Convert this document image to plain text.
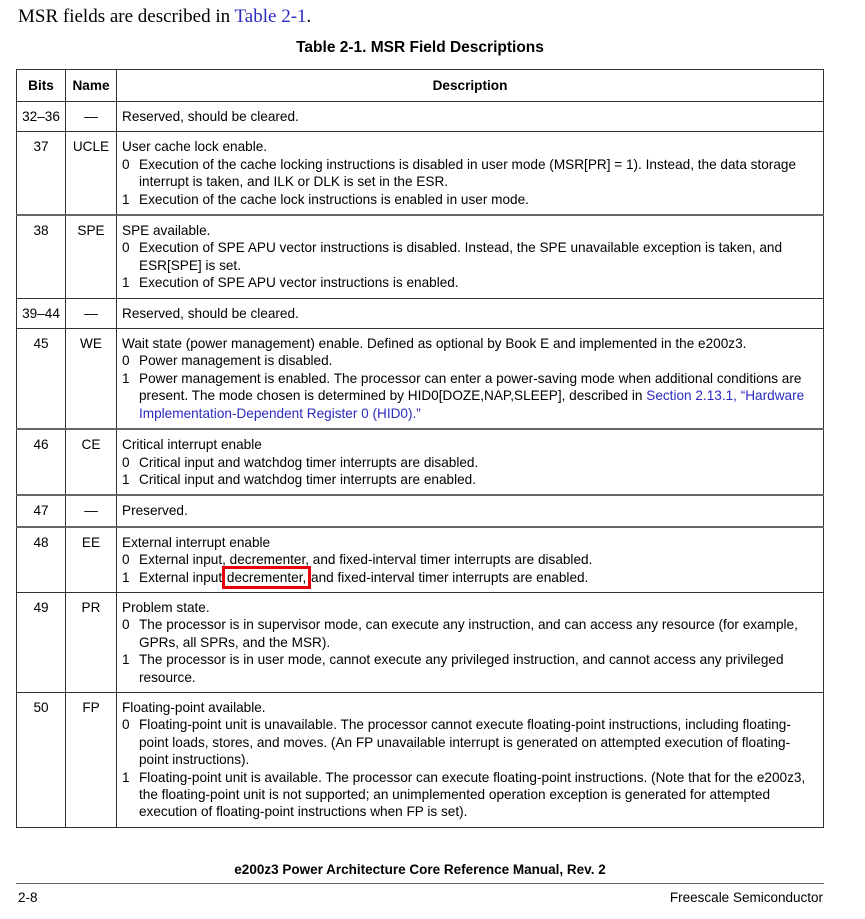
MSR fields are described in Table 2-1.
Table 2-1. MSR Field Descriptions
Bits	Name	Description
32–36	—	Reserved, should be cleared.

37	UCLE	User cache lock enable.
0 Execution of the cache locking instructions is disabled in user mode (MSR[PR] = 1). Instead, the data storage interrupt is taken, and ILK or DLK is set in the ESR.
1 Execution of the cache lock instructions is enabled in user mode.

38	SPE	SPE available.
0 Execution of SPE APU vector instructions is disabled. Instead, the SPE unavailable exception is taken, and ESR[SPE] is set.
1 Execution of SPE APU vector instructions is enabled.

39–44	—	Reserved, should be cleared.

45	WE	Wait state (power management) enable. Defined as optional by Book E and implemented in the e200z3.
0 Power management is disabled.
1 Power management is enabled. The processor can enter a power-saving mode when additional conditions are present. The mode chosen is determined by HID0[DOZE,NAP,SLEEP], described in Section 2.13.1, “Hardware Implementation-Dependent Register 0 (HID0).”

46	CE	Critical interrupt enable
0 Critical input and watchdog timer interrupts are disabled.
1 Critical input and watchdog timer interrupts are enabled.

47	—	Preserved.

48	EE	External interrupt enable
0 External input, decrementer, and fixed-interval timer interrupts are disabled.
1 External input decrementer, and fixed-interval timer interrupts are enabled.

49	PR	Problem state.
0 The processor is in supervisor mode, can execute any instruction, and can access any resource (for example, GPRs, all SPRs, and the MSR).
1 The processor is in user mode, cannot execute any privileged instruction, and cannot access any privileged resource.

50	FP	Floating-point available.
0 Floating-point unit is unavailable. The processor cannot execute floating-point instructions, including floating-point loads, stores, and moves. (An FP unavailable interrupt is generated on attempted execution of floating-point instructions).
1 Floating-point unit is available. The processor can execute floating-point instructions. (Note that for the e200z3, the floating-point unit is not supported; an unimplemented operation exception is generated for attempted execution of floating-point instructions when FP is set).
e200z3 Power Architecture Core Reference Manual, Rev. 2
2-8	Freescale Semiconductor
